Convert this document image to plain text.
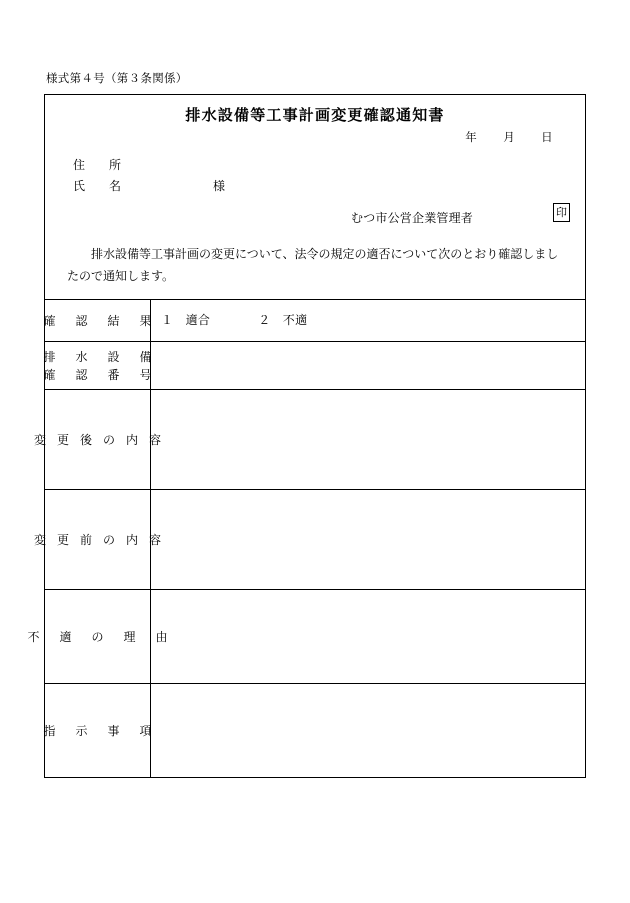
様式第４号（第３条関係）
排水設備等工事計画変更確認通知書
年 月 日
住　所
氏　名	様
むつ市公営企業管理者	印
　排水設備等工事計画の変更について、法令の規定の適否について次のとおり確認しましたので通知します。
確　認　結　果 １　適合	２　不適
排　水　設　備
確　認　番　号
変 更 後 の 内 容
変 更 前 の 内 容
不　適　の　理　由
指　示　事　項
